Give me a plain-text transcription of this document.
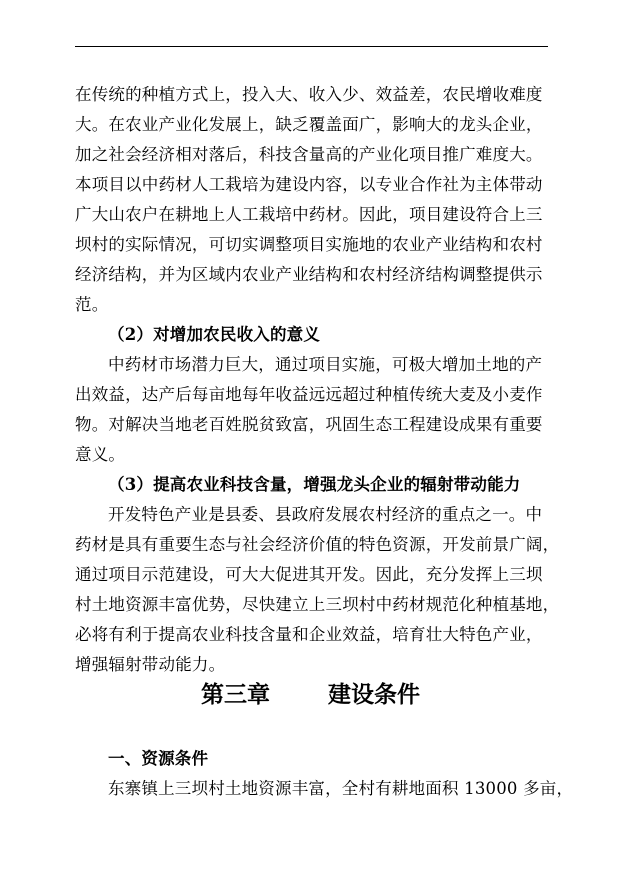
在传统的种植方式上，投入大、收入少、效益差，农民增收难度
大。在农业产业化发展上，缺乏覆盖面广，影响大的龙头企业，
加之社会经济相对落后，科技含量高的产业化项目推广难度大。
本项目以中药材人工栽培为建设内容，以专业合作社为主体带动
广大山农户在耕地上人工栽培中药材。因此，项目建设符合上三
坝村的实际情况，可切实调整项目实施地的农业产业结构和农村
经济结构，并为区域内农业产业结构和农村经济结构调整提供示
范。
（2）对增加农民收入的意义
中药材市场潜力巨大，通过项目实施，可极大增加土地的产
出效益，达产后每亩地每年收益远远超过种植传统大麦及小麦作
物。对解决当地老百姓脱贫致富，巩固生态工程建设成果有重要
意义。
（3）提高农业科技含量，增强龙头企业的辐射带动能力
开发特色产业是县委、县政府发展农村经济的重点之一。中
药材是具有重要生态与社会经济价值的特色资源，开发前景广阔，
通过项目示范建设，可大大促进其开发。因此，充分发挥上三坝
村土地资源丰富优势，尽快建立上三坝村中药材规范化种植基地，
必将有利于提高农业科技含量和企业效益，培育壮大特色产业，
增强辐射带动能力。
第三章	建设条件
一、资源条件
东寨镇上三坝村土地资源丰富，全村有耕地面积 13000 多亩，
